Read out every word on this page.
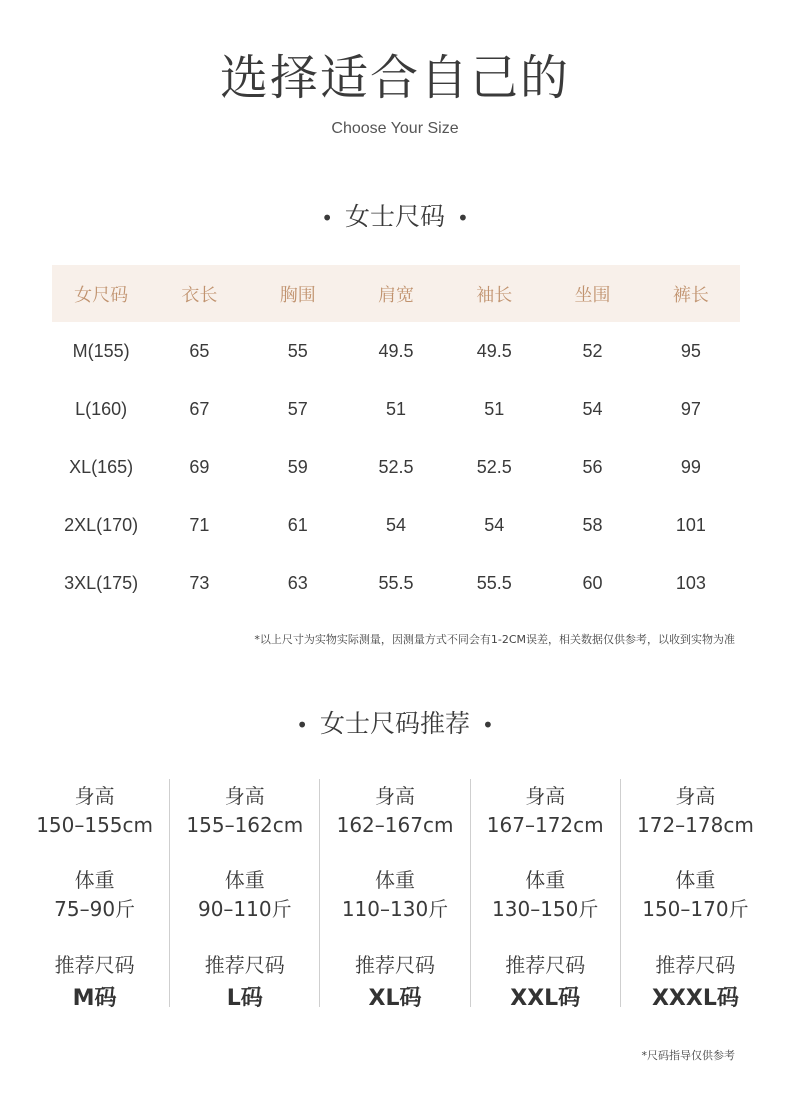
选择适合自己的
Choose Your Size
• 女士尺码 •
女尺码	衣长	胸围	肩宽	袖长	坐围	裤长
M(155)	65	55	49.5	49.5	52	95
L(160)	67	57	51	51	54	97
XL(165)	69	59	52.5	52.5	56	99
2XL(170)	71	61	54	54	58	101
3XL(175)	73	63	55.5	55.5	60	103
*以上尺寸为实物实际测量，因测量方式不同会有1-2CM误差，相关数据仅供参考，以收到实物为准
• 女士尺码推荐 •
身高
150–155cm
体重
75–90斤
推荐尺码
M码
身高
155–162cm
体重
90–110斤
推荐尺码
L码
身高
162–167cm
体重
110–130斤
推荐尺码
XL码
身高
167–172cm
体重
130–150斤
推荐尺码
XXL码
身高
172–178cm
体重
150–170斤
推荐尺码
XXXL码
*尺码指导仅供参考
